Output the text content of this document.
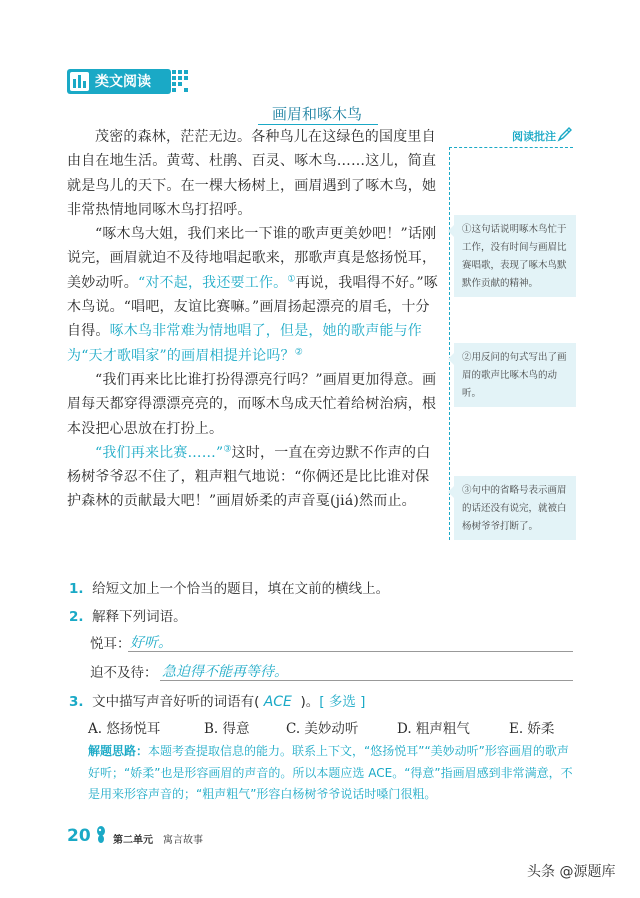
类文阅读
画眉和啄木鸟

茂密的森林，茫茫无边。各种鸟儿在这绿色的国度里自由自在地生活。黄莺、杜鹃、百灵、啄木鸟……这儿，简直就是鸟儿的天下。在一棵大杨树上，画眉遇到了啄木鸟，她非常热情地同啄木鸟打招呼。

“啄木鸟大姐，我们来比一下谁的歌声更美妙吧！”话刚说完，画眉就迫不及待地唱起歌来，那歌声真是悠扬悦耳，美妙动听。“对不起，我还要工作。①再说，我唱得不好。”啄木鸟说。“唱吧，友谊比赛嘛。”画眉扬起漂亮的眉毛，十分自得。啄木鸟非常难为情地唱了，但是，她的歌声能与作为“天才歌唱家”的画眉相提并论吗？②

“我们再来比比谁打扮得漂亮行吗？”画眉更加得意。画眉每天都穿得漂漂亮亮的，而啄木鸟成天忙着给树治病，根本没把心思放在打扮上。

“我们再来比赛……”③这时，一直在旁边默不作声的白杨树爷爷忍不住了，粗声粗气地说：“你俩还是比比谁对保护森林的贡献最大吧！”画眉娇柔的声音戛(jiá)然而止。

阅读批注
①这句话说明啄木鸟忙于工作，没有时间与画眉比赛唱歌，表现了啄木鸟默默作贡献的精神。
②用反问的句式写出了画眉的歌声比啄木鸟的动听。
③句中的省略号表示画眉的话还没有说完，就被白杨树爷爷打断了。
1. 给短文加上一个恰当的题目，填在文前的横线上。
2. 解释下列词语。
悦耳： 好听。
迫不及待： 急迫得不能再等待。
3. 文中描写声音好听的词语有( ACE )。[ 多选 ]
A. 悠扬悦耳	B. 得意	C. 美妙动听	D. 粗声粗气	E. 娇柔
解题思路：本题考查提取信息的能力。联系上下文，“悠扬悦耳”“美妙动听”形容画眉的歌声好听；“娇柔”也是形容画眉的声音的。所以本题应选 ACE。“得意”指画眉感到非常满意，不是用来形容声音的；“粗声粗气”形容白杨树爷爷说话时嗓门很粗。
20 第二单元 寓言故事
头条 @源题库
